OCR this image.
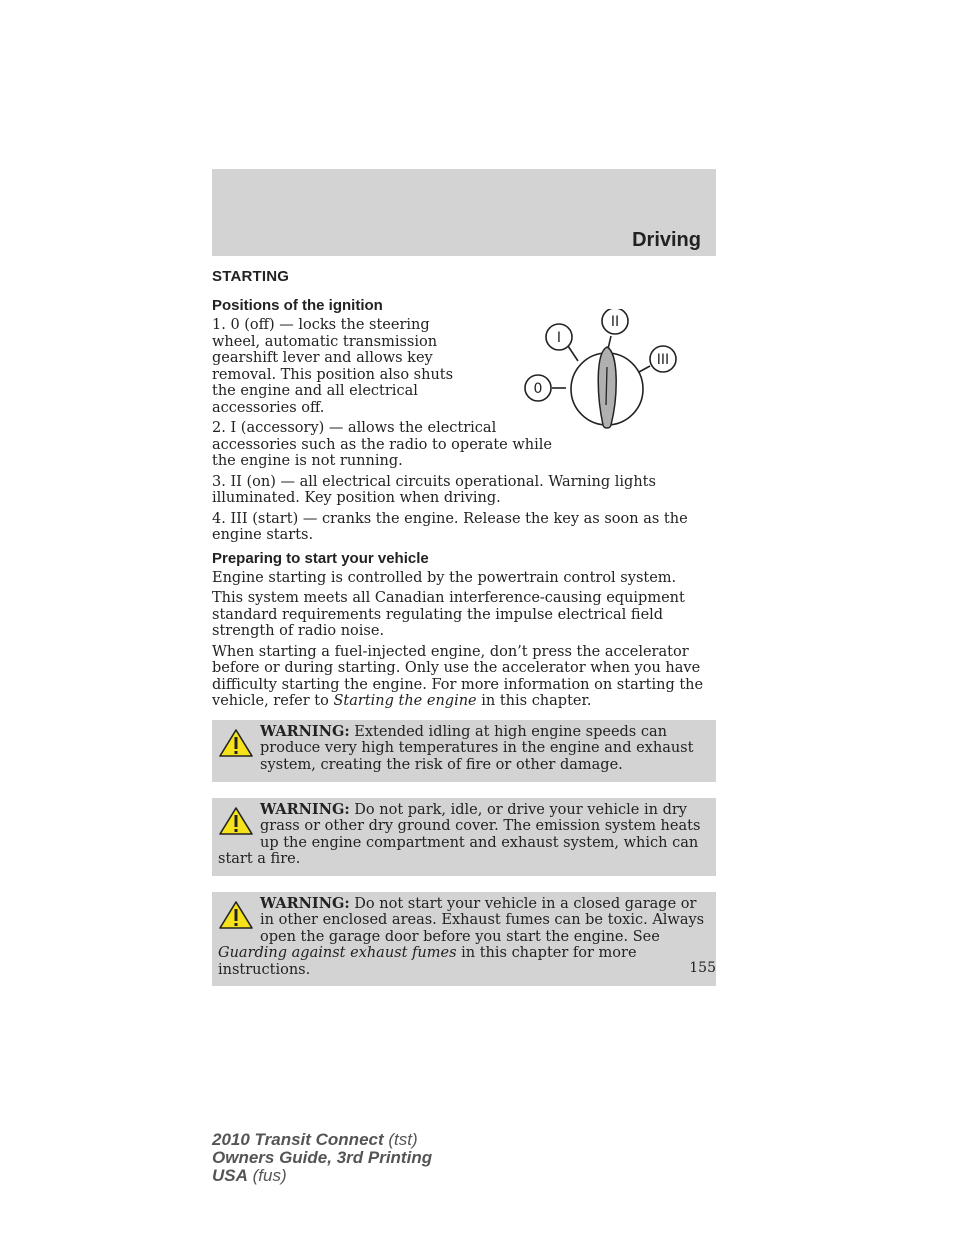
Driving
STARTING
Positions of the ignition
0
I
II
III

1. 0 (off) — locks the steering wheel, automatic transmission gearshift lever and allows key removal. This position also shuts the engine and all electrical accessories off.

2. I (accessory) — allows the electrical accessories such as the radio to operate while the engine is not running.

3. II (on) — all electrical circuits operational. Warning lights illuminated. Key position when driving.

4. III (start) — cranks the engine. Release the key as soon as the engine starts.

Preparing to start your vehicle

Engine starting is controlled by the powertrain control system.

This system meets all Canadian interference-causing equipment standard requirements regulating the impulse electrical field strength of radio noise.

When starting a fuel-injected engine, don’t press the accelerator before or during starting. Only use the accelerator when you have difficulty starting the engine. For more information on starting the vehicle, refer to Starting the engine in this chapter.

WARNING: Extended idling at high engine speeds can produce very high temperatures in the engine and exhaust system, creating the risk of fire or other damage.

WARNING: Do not park, idle, or drive your vehicle in dry grass or other dry ground cover. The emission system heats up the engine compartment and exhaust system, which can start a fire.

WARNING: Do not start your vehicle in a closed garage or in other enclosed areas. Exhaust fumes can be toxic. Always open the garage door before you start the engine. See Guarding against exhaust fumes in this chapter for more instructions.	155
2010 Transit Connect (tst)
Owners Guide, 3rd Printing
USA (fus)
